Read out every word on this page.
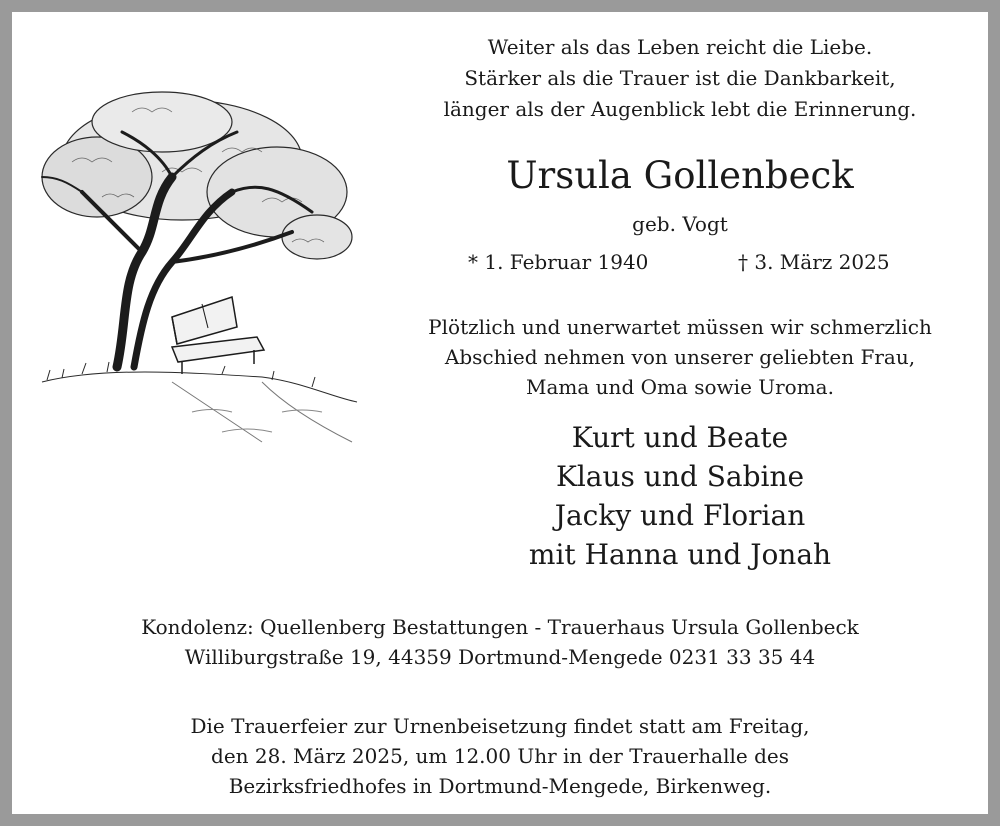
Weiter als das Leben reicht die Liebe.
Stärker als die Trauer ist die Dankbarkeit,
länger als der Augenblick lebt die Erinnerung.
Ursula Gollenbeck
geb. Vogt
* 1. Februar 1940	† 3. März 2025
Plötzlich und unerwartet müssen wir schmerzlich
Abschied nehmen von unserer geliebten Frau,
Mama und Oma sowie Uroma.
Kurt und Beate
Klaus und Sabine
Jacky und Florian
mit Hanna und Jonah
Kondolenz: Quellenberg Bestattungen - Trauerhaus Ursula Gollenbeck
Williburgstraße 19, 44359 Dortmund-Mengede 0231 33 35 44
Die Trauerfeier zur Urnenbeisetzung findet statt am Freitag,
den 28. März 2025, um 12.00 Uhr in der Trauerhalle des
Bezirksfriedhofes in Dortmund-Mengede, Birkenweg.
